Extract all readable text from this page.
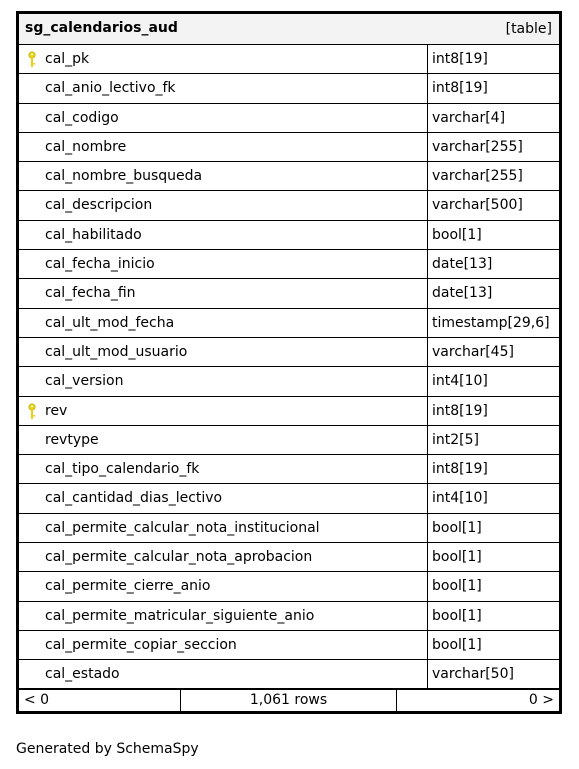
sg_calendarios_aud	[table]
cal_pk	int8[19]
cal_anio_lectivo_fk	int8[19]
cal_codigo	varchar[4]
cal_nombre	varchar[255]
cal_nombre_busqueda	varchar[255]
cal_descripcion	varchar[500]
cal_habilitado	bool[1]
cal_fecha_inicio	date[13]
cal_fecha_fin	date[13]
cal_ult_mod_fecha	timestamp[29,6]
cal_ult_mod_usuario	varchar[45]
cal_version	int4[10]
rev	int8[19]
revtype	int2[5]
cal_tipo_calendario_fk	int8[19]
cal_cantidad_dias_lectivo	int4[10]
cal_permite_calcular_nota_institucional	bool[1]
cal_permite_calcular_nota_aprobacion	bool[1]
cal_permite_cierre_anio	bool[1]
cal_permite_matricular_siguiente_anio	bool[1]
cal_permite_copiar_seccion	bool[1]
cal_estado	varchar[50]
< 0	1,061 rows	0 >
Generated by SchemaSpy
